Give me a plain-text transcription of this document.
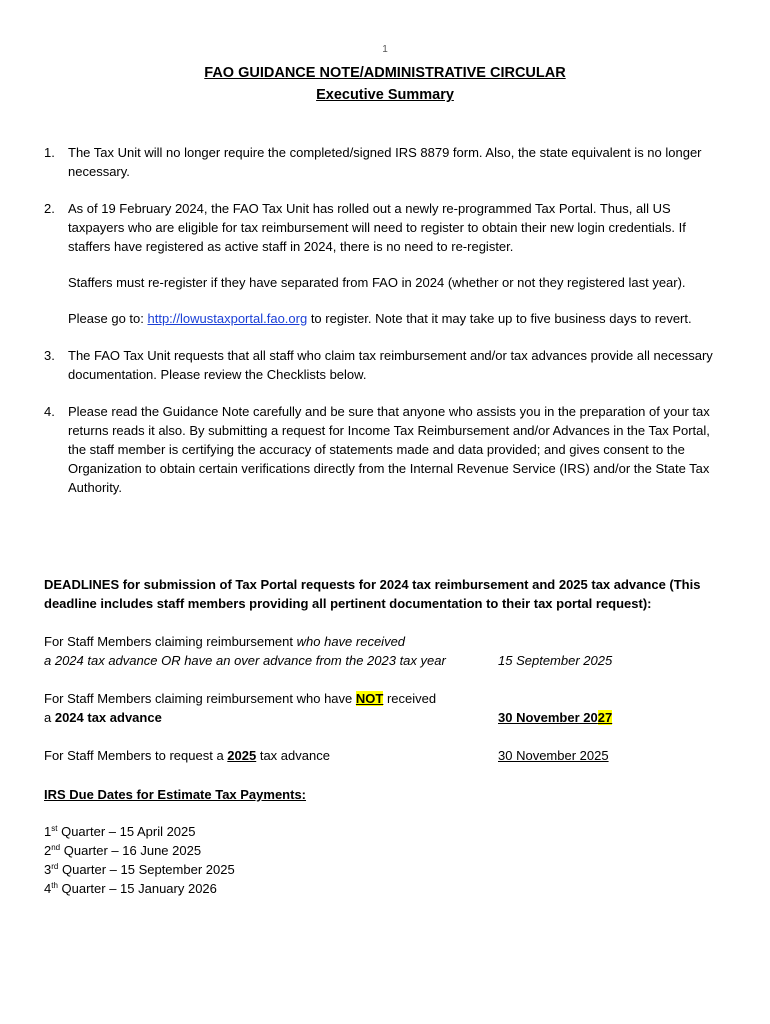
1
FAO GUIDANCE NOTE/ADMINISTRATIVE CIRCULAR
Executive Summary
1. The Tax Unit will no longer require the completed/signed IRS 8879 form. Also, the state equivalent is no longer necessary.

2. As of 19 February 2024, the FAO Tax Unit has rolled out a newly re-programmed Tax Portal. Thus, all US taxpayers who are eligible for tax reimbursement will need to register to obtain their new login credentials. If staffers have registered as active staff in 2024, there is no need to re-register.

Staffers must re-register if they have separated from FAO in 2024 (whether or not they registered last year).

Please go to: http://lowustaxportal.fao.org to register. Note that it may take up to five business days to revert.

3. The FAO Tax Unit requests that all staff who claim tax reimbursement and/or tax advances provide all necessary documentation. Please review the Checklists below.

4. Please read the Guidance Note carefully and be sure that anyone who assists you in the preparation of your tax returns reads it also. By submitting a request for Income Tax Reimbursement and/or Advances in the Tax Portal, the staff member is certifying the accuracy of statements made and data provided; and gives consent to the Organization to obtain certain verifications directly from the Internal Revenue Service (IRS) and/or the State Tax Authority.

DEADLINES for submission of Tax Portal requests for 2024 tax reimbursement and 2025 tax advance (This deadline includes staff members providing all pertinent documentation to their tax portal request):
For Staff Members claiming reimbursement who have received
a 2024 tax advance OR have an over advance from the 2023 tax year	15 September 2025
For Staff Members claiming reimbursement who have NOT received
a 2024 tax advance	30 November 2027
For Staff Members to request a 2025 tax advance	30 November 2025
IRS Due Dates for Estimate Tax Payments:
1st Quarter – 15 April 2025
2nd Quarter – 16 June 2025
3rd Quarter – 15 September 2025
4th Quarter – 15 January 2026
